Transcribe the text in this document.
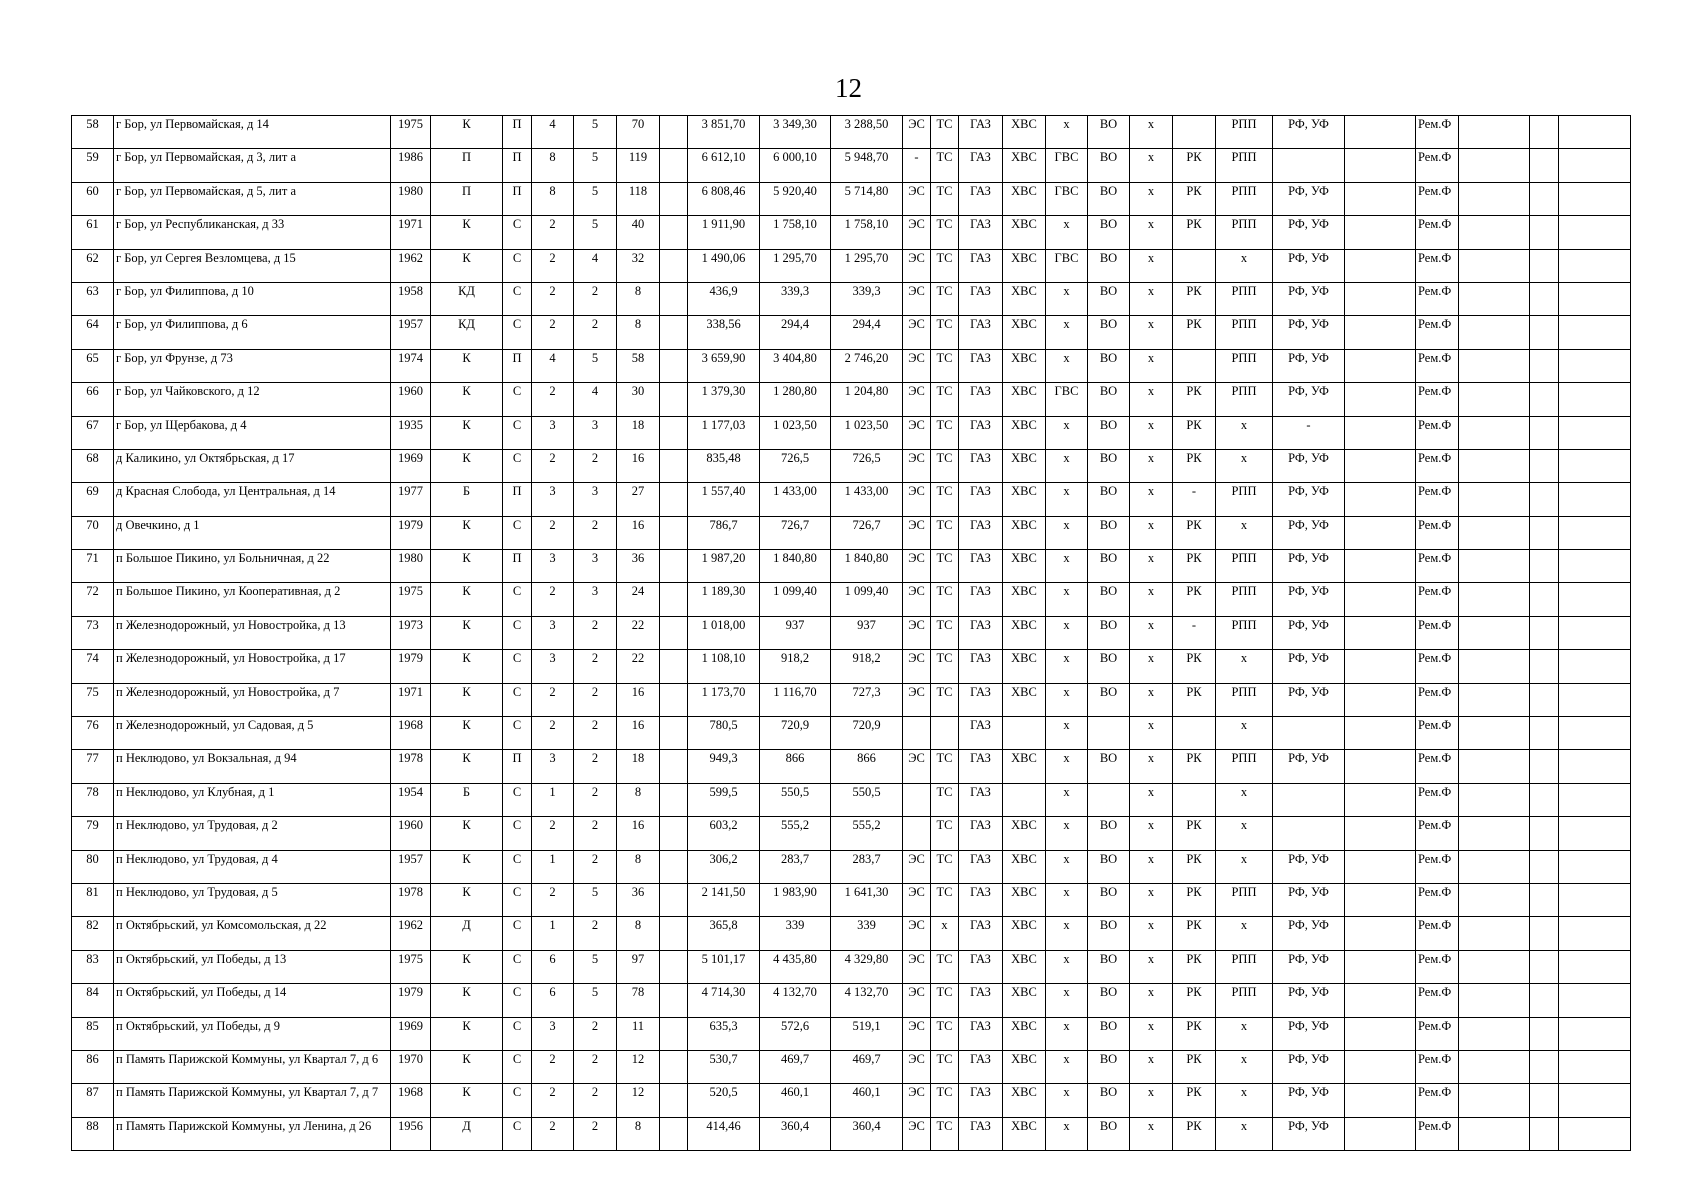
12
58	г Бор, ул Первомайская, д 14	1975	К	П	4	5	70		3 851,70	3 349,30	3 288,50	ЭС	ТС	ГАЗ	ХВС	х	ВО	х		РПП	РФ, УФ		Рем.Ф			
59	г Бор, ул Первомайская, д 3, лит а	1986	П	П	8	5	119		6 612,10	6 000,10	5 948,70	-	ТС	ГАЗ	ХВС	ГВС	ВО	х	РК	РПП			Рем.Ф			
60	г Бор, ул Первомайская, д 5, лит а	1980	П	П	8	5	118		6 808,46	5 920,40	5 714,80	ЭС	ТС	ГАЗ	ХВС	ГВС	ВО	х	РК	РПП	РФ, УФ		Рем.Ф			
61	г Бор, ул Республиканская, д 33	1971	К	С	2	5	40		1 911,90	1 758,10	1 758,10	ЭС	ТС	ГАЗ	ХВС	х	ВО	х	РК	РПП	РФ, УФ		Рем.Ф			
62	г Бор, ул Сергея Везломцева, д 15	1962	К	С	2	4	32		1 490,06	1 295,70	1 295,70	ЭС	ТС	ГАЗ	ХВС	ГВС	ВО	х		х	РФ, УФ		Рем.Ф			
63	г Бор, ул Филиппова, д 10	1958	КД	С	2	2	8		436,9	339,3	339,3	ЭС	ТС	ГАЗ	ХВС	х	ВО	х	РК	РПП	РФ, УФ		Рем.Ф			
64	г Бор, ул Филиппова, д 6	1957	КД	С	2	2	8		338,56	294,4	294,4	ЭС	ТС	ГАЗ	ХВС	х	ВО	х	РК	РПП	РФ, УФ		Рем.Ф			
65	г Бор, ул Фрунзе, д 73	1974	К	П	4	5	58		3 659,90	3 404,80	2 746,20	ЭС	ТС	ГАЗ	ХВС	х	ВО	х		РПП	РФ, УФ		Рем.Ф			
66	г Бор, ул Чайковского, д 12	1960	К	С	2	4	30		1 379,30	1 280,80	1 204,80	ЭС	ТС	ГАЗ	ХВС	ГВС	ВО	х	РК	РПП	РФ, УФ		Рем.Ф			
67	г Бор, ул Щербакова, д 4	1935	К	С	3	3	18		1 177,03	1 023,50	1 023,50	ЭС	ТС	ГАЗ	ХВС	х	ВО	х	РК	х	-		Рем.Ф			
68	д Каликино, ул Октябрьская, д 17	1969	К	С	2	2	16		835,48	726,5	726,5	ЭС	ТС	ГАЗ	ХВС	х	ВО	х	РК	х	РФ, УФ		Рем.Ф			
69	д Красная Слобода, ул Центральная, д 14	1977	Б	П	3	3	27		1 557,40	1 433,00	1 433,00	ЭС	ТС	ГАЗ	ХВС	х	ВО	х	-	РПП	РФ, УФ		Рем.Ф			
70	д Овечкино, д 1	1979	К	С	2	2	16		786,7	726,7	726,7	ЭС	ТС	ГАЗ	ХВС	х	ВО	х	РК	х	РФ, УФ		Рем.Ф			
71	п Большое Пикино, ул Больничная, д 22	1980	К	П	3	3	36		1 987,20	1 840,80	1 840,80	ЭС	ТС	ГАЗ	ХВС	х	ВО	х	РК	РПП	РФ, УФ		Рем.Ф			
72	п Большое Пикино, ул Кооперативная, д 2	1975	К	С	2	3	24		1 189,30	1 099,40	1 099,40	ЭС	ТС	ГАЗ	ХВС	х	ВО	х	РК	РПП	РФ, УФ		Рем.Ф			
73	п Железнодорожный, ул Новостройка, д 13	1973	К	С	3	2	22		1 018,00	937	937	ЭС	ТС	ГАЗ	ХВС	х	ВО	х	-	РПП	РФ, УФ		Рем.Ф			
74	п Железнодорожный, ул Новостройка, д 17	1979	К	С	3	2	22		1 108,10	918,2	918,2	ЭС	ТС	ГАЗ	ХВС	х	ВО	х	РК	х	РФ, УФ		Рем.Ф			
75	п Железнодорожный, ул Новостройка, д 7	1971	К	С	2	2	16		1 173,70	1 116,70	727,3	ЭС	ТС	ГАЗ	ХВС	х	ВО	х	РК	РПП	РФ, УФ		Рем.Ф			
76	п Железнодорожный, ул Садовая, д 5	1968	К	С	2	2	16		780,5	720,9	720,9			ГАЗ		х		х		х			Рем.Ф			
77	п Неклюдово, ул Вокзальная, д 94	1978	К	П	3	2	18		949,3	866	866	ЭС	ТС	ГАЗ	ХВС	х	ВО	х	РК	РПП	РФ, УФ		Рем.Ф			
78	п Неклюдово, ул Клубная, д 1	1954	Б	С	1	2	8		599,5	550,5	550,5		ТС	ГАЗ		х		х		х			Рем.Ф			
79	п Неклюдово, ул Трудовая, д 2	1960	К	С	2	2	16		603,2	555,2	555,2		ТС	ГАЗ	ХВС	х	ВО	х	РК	х			Рем.Ф			
80	п Неклюдово, ул Трудовая, д 4	1957	К	С	1	2	8		306,2	283,7	283,7	ЭС	ТС	ГАЗ	ХВС	х	ВО	х	РК	х	РФ, УФ		Рем.Ф			
81	п Неклюдово, ул Трудовая, д 5	1978	К	С	2	5	36		2 141,50	1 983,90	1 641,30	ЭС	ТС	ГАЗ	ХВС	х	ВО	х	РК	РПП	РФ, УФ		Рем.Ф			
82	п Октябрьский, ул Комсомольская, д 22	1962	Д	С	1	2	8		365,8	339	339	ЭС	х	ГАЗ	ХВС	х	ВО	х	РК	х	РФ, УФ		Рем.Ф			
83	п Октябрьский, ул Победы, д 13	1975	К	С	6	5	97		5 101,17	4 435,80	4 329,80	ЭС	ТС	ГАЗ	ХВС	х	ВО	х	РК	РПП	РФ, УФ		Рем.Ф			
84	п Октябрьский, ул Победы, д 14	1979	К	С	6	5	78		4 714,30	4 132,70	4 132,70	ЭС	ТС	ГАЗ	ХВС	х	ВО	х	РК	РПП	РФ, УФ		Рем.Ф			
85	п Октябрьский, ул Победы, д 9	1969	К	С	3	2	11		635,3	572,6	519,1	ЭС	ТС	ГАЗ	ХВС	х	ВО	х	РК	х	РФ, УФ		Рем.Ф			
86	п Память Парижской Коммуны, ул Квартал 7, д 6	1970	К	С	2	2	12		530,7	469,7	469,7	ЭС	ТС	ГАЗ	ХВС	х	ВО	х	РК	х	РФ, УФ		Рем.Ф			
87	п Память Парижской Коммуны, ул Квартал 7, д 7	1968	К	С	2	2	12		520,5	460,1	460,1	ЭС	ТС	ГАЗ	ХВС	х	ВО	х	РК	х	РФ, УФ		Рем.Ф			
88	п Память Парижской Коммуны, ул Ленина, д 26	1956	Д	С	2	2	8		414,46	360,4	360,4	ЭС	ТС	ГАЗ	ХВС	х	ВО	х	РК	х	РФ, УФ		Рем.Ф			
